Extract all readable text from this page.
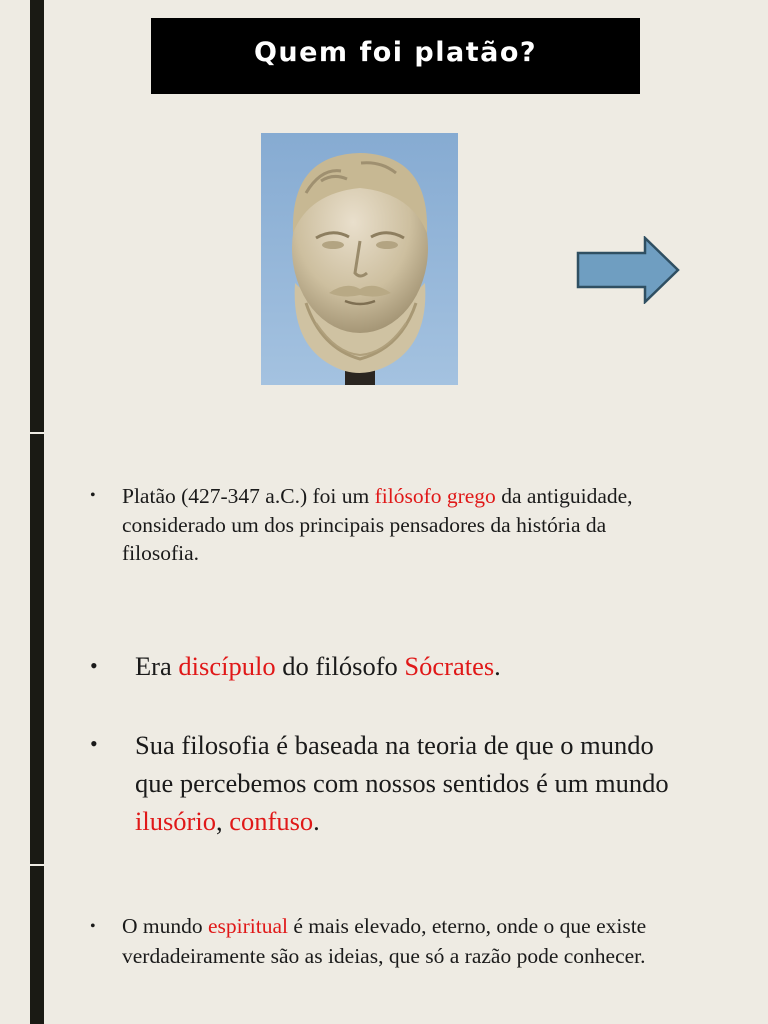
Quem foi platão?
•	Platão (427-347 a.C.) foi um filósofo grego da antiguidade, considerado um dos principais pensadores da história da filosofia.
•	Era discípulo do filósofo Sócrates.
•	Sua filosofia é baseada na teoria de que o mundo que percebemos com nossos sentidos é um mundo ilusório, confuso.
•	O mundo espiritual é mais elevado, eterno, onde o que existe verdadeiramente são as ideias, que só a razão pode conhecer.
